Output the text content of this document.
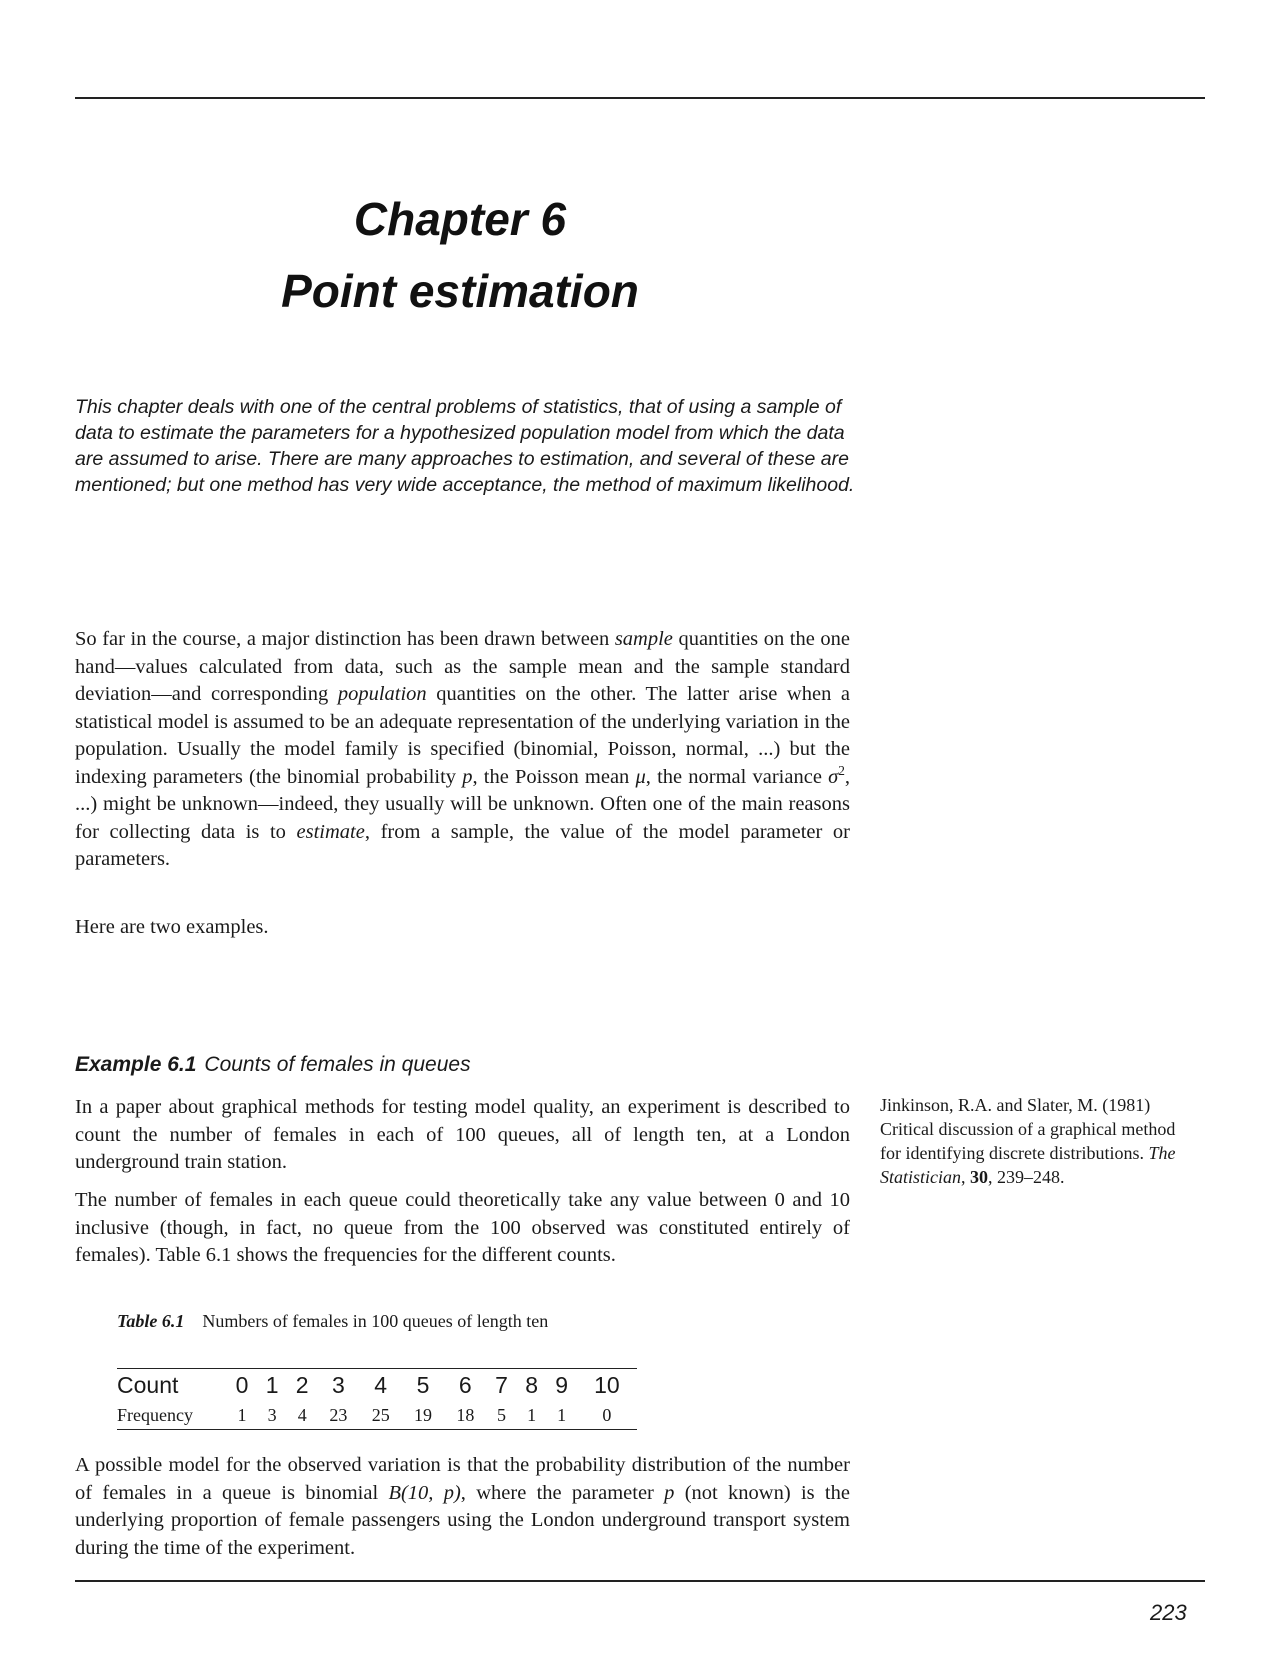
Chapter 6
Point estimation
This chapter deals with one of the central problems of statistics, that of using a sample of data to estimate the parameters for a hypothesized population model from which the data are assumed to arise. There are many approaches to estimation, and several of these are mentioned; but one method has very wide acceptance, the method of maximum likelihood.
So far in the course, a major distinction has been drawn between sample quantities on the one hand—values calculated from data, such as the sample mean and the sample standard deviation—and corresponding population quantities on the other. The latter arise when a statistical model is assumed to be an adequate representation of the underlying variation in the population. Usually the model family is specified (binomial, Poisson, normal, ...) but the indexing parameters (the binomial probability p, the Poisson mean μ, the normal variance $\sigma^2$, ...) might be unknown—indeed, they usually will be unknown. Often one of the main reasons for collecting data is to estimate, from a sample, the value of the model parameter or parameters.
Here are two examples.
Example 6.1 Counts of females in queues
In a paper about graphical methods for testing model quality, an experiment is described to count the number of females in each of 100 queues, all of length ten, at a London underground train station.
The number of females in each queue could theoretically take any value between 0 and 10 inclusive (though, in fact, no queue from the 100 observed was constituted entirely of females). Table 6.1 shows the frequencies for the different counts.
Jinkinson, R.A. and Slater, M. (1981) Critical discussion of a graphical method for identifying discrete distributions. The Statistician, 30, 239–248.
Table 6.1 Numbers of females in 100 queues of length ten
Count	0	1	2	3	4	5	6	7	8	9	10
Frequency	1	3	4	23	25	19	18	5	1	1	0
A possible model for the observed variation is that the probability distribution of the number of females in a queue is binomial B(10, p), where the parameter p (not known) is the underlying proportion of female passengers using the London underground transport system during the time of the experiment.
223
